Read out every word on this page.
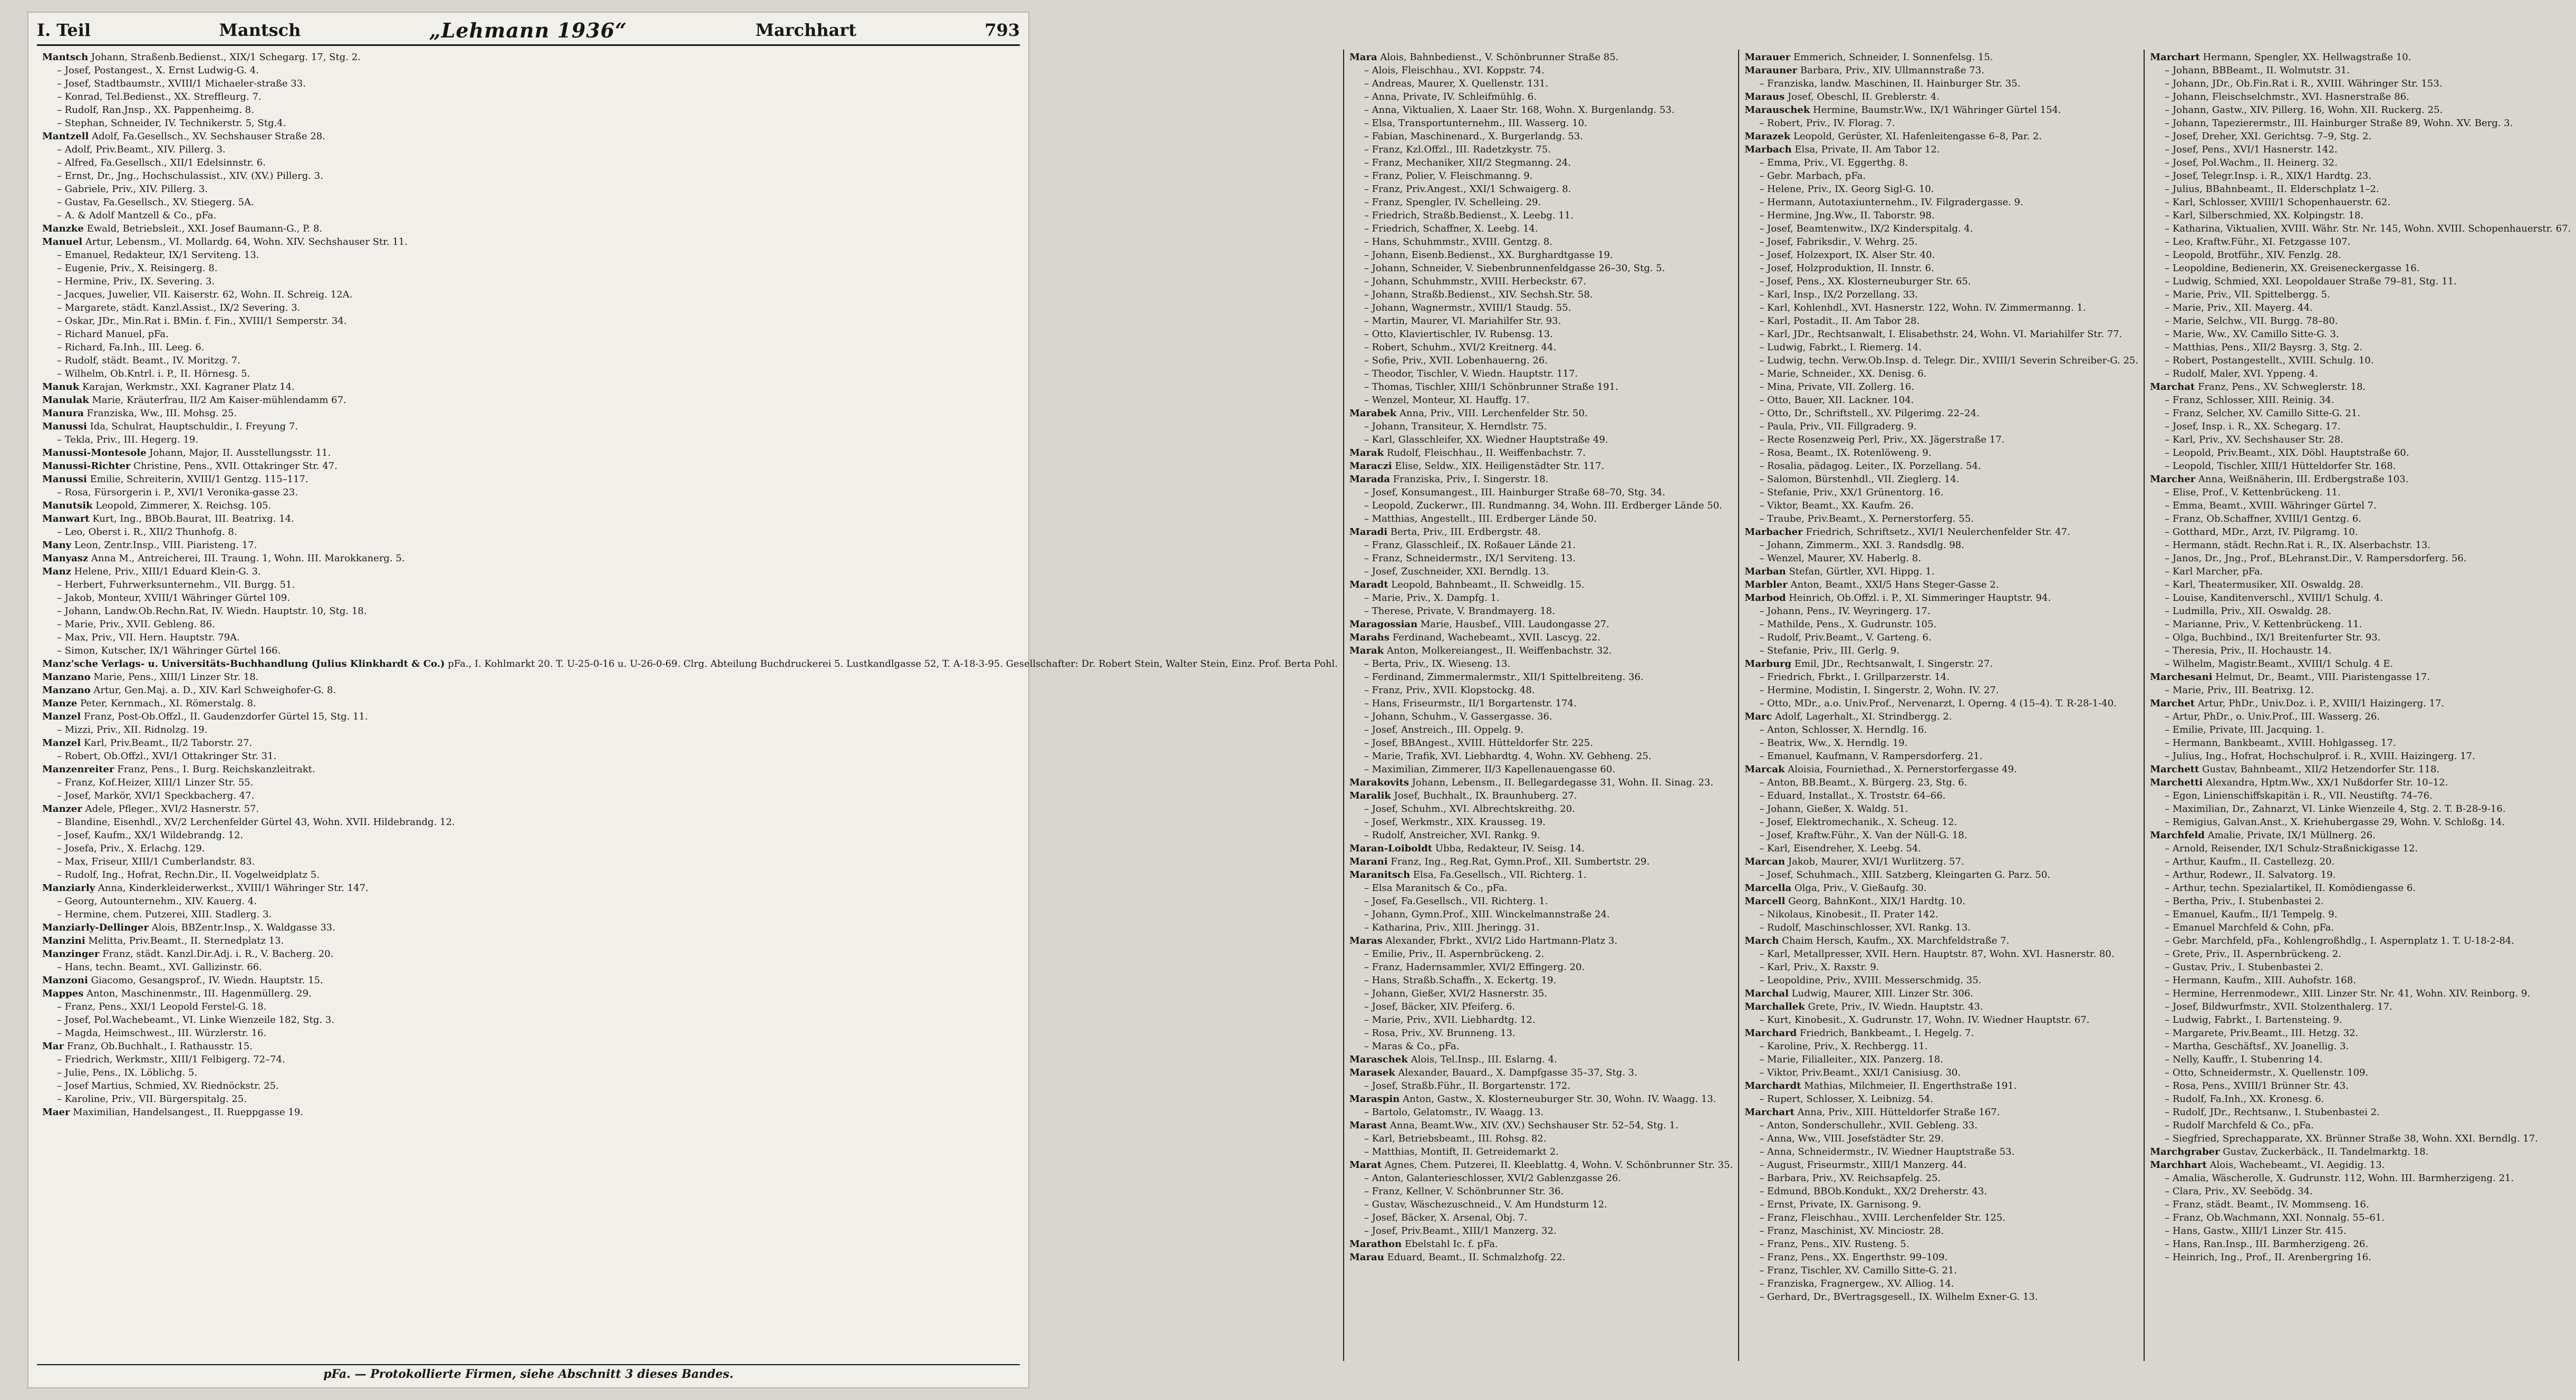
I. Teil	Mantsch	„Lehmann 1936“	Marchhart	793
Mantsch Johann, Straßenb.Bedienst., XIX/1 Schegarg. 17, Stg. 2.
– Josef, Postangest., X. Ernst Ludwig-G. 4.
– Josef, Stadtbaumstr., XVIII/1 Michaeler-straße 33.
– Konrad, Tel.Bedienst., XX. Streffleurg. 7.
– Rudolf, Ran.Jnsp., XX. Pappenheimg. 8.
– Stephan, Schneider, IV. Technikerstr. 5, Stg.4.
Mantzell Adolf, Fa.Gesellsch., XV. Sechshauser Straße 28.
– Adolf, Priv.Beamt., XIV. Pillerg. 3.
– Alfred, Fa.Gesellsch., XII/1 Edelsinnstr. 6.
– Ernst, Dr., Jng., Hochschulassist., XIV. (XV.) Pillerg. 3.
– Gabriele, Priv., XIV. Pillerg. 3.
– Gustav, Fa.Gesellsch., XV. Stiegerg. 5A.
– A. & Adolf Mantzell & Co., pFa.
Manzke Ewald, Betriebsleit., XXI. Josef Baumann-G., P. 8.
Manuel Artur, Lebensm., VI. Mollardg. 64, Wohn. XIV. Sechshauser Str. 11.
– Emanuel, Redakteur, IX/1 Serviteng. 13.
– Eugenie, Priv., X. Reisingerg. 8.
– Hermine, Priv., IX. Severing. 3.
– Jacques, Juwelier, VII. Kaiserstr. 62, Wohn. II. Schreig. 12A.
– Margarete, städt. Kanzl.Assist., IX/2 Severing. 3.
– Oskar, JDr., Min.Rat i. BMin. f. Fin., XVIII/1 Semperstr. 34.
– Richard Manuel, pFa.
– Richard, Fa.Inh., III. Leeg. 6.
– Rudolf, städt. Beamt., IV. Moritzg. 7.
– Wilhelm, Ob.Kntrl. i. P., II. Hörnesg. 5.
Manuk Karajan, Werkmstr., XXI. Kagraner Platz 14.
Manulak Marie, Kräuterfrau, II/2 Am Kaiser-mühlendamm 67.
Manura Franziska, Ww., III. Mohsg. 25.
Manussi Ida, Schulrat, Hauptschuldir., I. Freyung 7.
– Tekla, Priv., III. Hegerg. 19.
Manussi-Montesole Johann, Major, II. Ausstellungsstr. 11.
Manussi-Richter Christine, Pens., XVII. Ottakringer Str. 47.
Manussi Emilie, Schreiterin, XVIII/1 Gentzg. 115–117.
– Rosa, Fürsorgerin i. P., XVI/1 Veronika-gasse 23.
Manutsik Leopold, Zimmerer, X. Reichsg. 105.
Manwart Kurt, Ing., BBOb.Baurat, III. Beatrixg. 14.
– Leo, Oberst i. R., XII/2 Thunhofg. 8.
Many Leon, Zentr.Insp., VIII. Piaristeng. 17.
Manyasz Anna M., Antreicherei, III. Traung. 1, Wohn. III. Marokkanerg. 5.
Manz Helene, Priv., XIII/1 Eduard Klein-G. 3.
– Herbert, Fuhrwerksunternehm., VII. Burgg. 51.
– Jakob, Monteur, XVIII/1 Währinger Gürtel 109.
– Johann, Landw.Ob.Rechn.Rat, IV. Wiedn. Hauptstr. 10, Stg. 18.
– Marie, Priv., XVII. Gebleng. 86.
– Max, Priv., VII. Hern. Hauptstr. 79A.
– Simon, Kutscher, IX/1 Währinger Gürtel 166.
Manz'sche Verlags- u. Universitäts-Buchhandlung (Julius Klinkhardt & Co.) pFa., I. Kohlmarkt 20. T. U-25-0-16 u. U-26-0-69. Clrg. Abteilung Buchdruckerei 5. Lustkandlgasse 52, T. A-18-3-95. Gesellschafter: Dr. Robert Stein, Walter Stein, Einz. Prof. Berta Pohl.
Manzano Marie, Pens., XIII/1 Linzer Str. 18.
Manzano Artur, Gen.Maj. a. D., XIV. Karl Schweighofer-G. 8.
Manze Peter, Kernmach., XI. Römerstalg. 8.
Manzel Franz, Post-Ob.Offzl., II. Gaudenzdorfer Gürtel 15, Stg. 11.
– Mizzi, Priv., XII. Ridnolzg. 19.
Manzel Karl, Priv.Beamt., II/2 Taborstr. 27.
– Robert, Ob.Offzl., XVI/1 Ottakringer Str. 31.
Manzenreiter Franz, Pens., I. Burg. Reichskanzleitrakt.
– Franz, Kof.Heizer, XIII/1 Linzer Str. 55.
– Josef, Markör, XVI/1 Speckbacherg. 47.
Manzer Adele, Pfleger., XVI/2 Hasnerstr. 57.
– Blandine, Eisenhdl., XV/2 Lerchenfelder Gürtel 43, Wohn. XVII. Hildebrandg. 12.
– Josef, Kaufm., XX/1 Wildebrandg. 12.
– Josefa, Priv., X. Erlachg. 129.
– Max, Friseur, XIII/1 Cumberlandstr. 83.
– Rudolf, Ing., Hofrat, Rechn.Dir., II. Vogelweidplatz 5.
Manziarly Anna, Kinderkleiderwerkst., XVIII/1 Währinger Str. 147.
– Georg, Autounternehm., XIV. Kauerg. 4.
– Hermine, chem. Putzerei, XIII. Stadlerg. 3.
Manziarly-Dellinger Alois, BBZentr.Insp., X. Waldgasse 33.
Manzini Melitta, Priv.Beamt., II. Sternedplatz 13.
Manzinger Franz, städt. Kanzl.Dir.Adj. i. R., V. Bacherg. 20.
– Hans, techn. Beamt., XVI. Gallizinstr. 66.
Manzoni Giacomo, Gesangsprof., IV. Wiedn. Hauptstr. 15.
Mappes Anton, Maschinenmstr., III. Hagenmüllerg. 29.
– Franz, Pens., XXI/1 Leopold Ferstel-G. 18.
– Josef, Pol.Wachebeamt., VI. Linke Wienzeile 182, Stg. 3.
– Magda, Heimschwest., III. Würzlerstr. 16.
Mar Franz, Ob.Buchhalt., I. Rathausstr. 15.
– Friedrich, Werkmstr., XIII/1 Felbigerg. 72–74.
– Julie, Pens., IX. Löblichg. 5.
– Josef Martius, Schmied, XV. Riednöckstr. 25.
– Karoline, Priv., VII. Bürgerspitalg. 25.
Maer Maximilian, Handelsangest., II. Rueppgasse 19.
Mara Alois, Bahnbedienst., V. Schönbrunner Straße 85.
– Alois, Fleischhau., XVI. Koppstr. 74.
– Andreas, Maurer, X. Quellenstr. 131.
– Anna, Private, IV. Schleifmühlg. 6.
– Anna, Viktualien, X. Laaer Str. 168, Wohn. X. Burgenlandg. 53.
– Elsa, Transportunternehm., III. Wasserg. 10.
– Fabian, Maschinenard., X. Burgerlandg. 53.
– Franz, Kzl.Offzl., III. Radetzkystr. 75.
– Franz, Mechaniker, XII/2 Stegmanng. 24.
– Franz, Polier, V. Fleischmanng. 9.
– Franz, Priv.Angest., XXI/1 Schwaigerg. 8.
– Franz, Spengler, IV. Schelleing. 29.
– Friedrich, Straßb.Bedienst., X. Leebg. 11.
– Friedrich, Schaffner, X. Leebg. 14.
– Hans, Schuhmmstr., XVIII. Gentzg. 8.
– Johann, Eisenb.Bedienst., XX. Burghardtgasse 19.
– Johann, Schneider, V. Siebenbrunnenfeldgasse 26–30, Stg. 5.
– Johann, Schuhmmstr., XVIII. Herbeckstr. 67.
– Johann, Straßb.Bedienst., XIV. Sechsh.Str. 58.
– Johann, Wagnermstr., XVIII/1 Staudg. 55.
– Martin, Maurer, VI. Mariahilfer Str. 93.
– Otto, Klaviertischler, IV. Rubensg. 13.
– Robert, Schuhm., XVI/2 Kreitnerg. 44.
– Sofie, Priv., XVII. Lobenhauerng. 26.
– Theodor, Tischler, V. Wiedn. Hauptstr. 117.
– Thomas, Tischler, XIII/1 Schönbrunner Straße 191.
– Wenzel, Monteur, XI. Hauffg. 17.
Marabek Anna, Priv., VIII. Lerchenfelder Str. 50.
– Johann, Transiteur, X. Herndlstr. 75.
– Karl, Glasschleifer, XX. Wiedner Hauptstraße 49.
Marak Rudolf, Fleischhau., II. Weiffenbachstr. 7.
Maraczi Elise, Seldw., XIX. Heiligenstädter Str. 117.
Marada Franziska, Priv., I. Singerstr. 18.
– Josef, Konsumangest., III. Hainburger Straße 68–70, Stg. 34.
– Leopold, Zuckerwr., III. Rundmanng. 34, Wohn. III. Erdberger Lände 50.
– Matthias, Angestellt., III. Erdberger Lände 50.
Maradi Berta, Priv., III. Erdbergstr. 48.
– Franz, Glasschleif., IX. Roßauer Lände 21.
– Franz, Schneidermstr., IX/1 Serviteng. 13.
– Josef, Zuschneider, XXI. Berndlg. 13.
Maradt Leopold, Bahnbeamt., II. Schweidlg. 15.
– Marie, Priv., X. Dampfg. 1.
– Therese, Private, V. Brandmayerg. 18.
Maragossian Marie, Hausbef., VIII. Laudongasse 27.
Marahs Ferdinand, Wachebeamt., XVII. Lascyg. 22.
Marak Anton, Molkereiangest., II. Weiffenbachstr. 32.
– Berta, Priv., IX. Wieseng. 13.
– Ferdinand, Zimmermalermstr., XII/1 Spittelbreiteng. 36.
– Franz, Priv., XVII. Klopstockg. 48.
– Hans, Friseurmstr., II/1 Borgartenstr. 174.
– Johann, Schuhm., V. Gassergasse. 36.
– Josef, Anstreich., III. Oppelg. 9.
– Josef, BBAngest., XVIII. Hütteldorfer Str. 225.
– Marie, Trafik, XVI. Liebhardtg. 4, Wohn. XV. Gebheng. 25.
– Maximilian, Zimmerer, II/3 Kapellenauengasse 60.
Marakovits Johann, Lebensm., II. Bellegardegasse 31, Wohn. II. Sinag. 23.
Maralik Josef, Buchhalt., IX. Braunhuberg. 27.
– Josef, Schuhm., XVI. Albrechtskreithg. 20.
– Josef, Werkmstr., XIX. Krausseg. 19.
– Rudolf, Anstreicher, XVI. Rankg. 9.
Maran-Loiboldt Ubba, Redakteur, IV. Seisg. 14.
Marani Franz, Ing., Reg.Rat, Gymn.Prof., XII. Sumbertstr. 29.
Maranitsch Elsa, Fa.Gesellsch., VII. Richterg. 1.
– Elsa Maranitsch & Co., pFa.
– Josef, Fa.Gesellsch., VII. Richterg. 1.
– Johann, Gymn.Prof., XIII. Winckelmannstraße 24.
– Katharina, Priv., XIII. Jheringg. 31.
Maras Alexander, Fbrkt., XVI/2 Lido Hartmann-Platz 3.
– Emilie, Priv., II. Aspernbrückeng. 2.
– Franz, Hadernsammler, XVI/2 Effingerg. 20.
– Hans, Straßb.Schaffn., X. Eckertg. 19.
– Johann, Gießer, XVI/2 Hasnerstr. 35.
– Josef, Bäcker, XIV. Pfeiferg. 6.
– Marie, Priv., XVII. Liebhardtg. 12.
– Rosa, Priv., XV. Brunneng. 13.
– Maras & Co., pFa.
Maraschek Alois, Tel.Insp., III. Eslarng. 4.
Marasek Alexander, Bauard., X. Dampfgasse 35–37, Stg. 3.
– Josef, Straßb.Führ., II. Borgartenstr. 172.
Maraspin Anton, Gastw., X. Klosterneuburger Str. 30, Wohn. IV. Waagg. 13.
– Bartolo, Gelatomstr., IV. Waagg. 13.
Marast Anna, Beamt.Ww., XIV. (XV.) Sechshauser Str. 52–54, Stg. 1.
– Karl, Betriebsbeamt., III. Rohsg. 82.
– Matthias, Montift, II. Getreidemarkt 2.
Marat Agnes, Chem. Putzerei, II. Kleeblattg. 4, Wohn. V. Schönbrunner Str. 35.
– Anton, Galanterieschlosser, XVI/2 Gablenzgasse 26.
– Franz, Kellner, V. Schönbrunner Str. 36.
– Gustav, Wäschezuschneid., V. Am Hundsturm 12.
– Josef, Bäcker, X. Arsenal, Obj. 7.
– Josef, Priv.Beamt., XIII/1 Manzerg. 32.
Marathon Ebelstahl Ic. f. pFa.
Marau Eduard, Beamt., II. Schmalzhofg. 22.
Marauer Emmerich, Schneider, I. Sonnenfelsg. 15.
Marauner Barbara, Priv., XIV. Ullmannstraße 73.
– Franziska, landw. Maschinen, II. Hainburger Str. 35.
Maraus Josef, Obeschl, II. Greblerstr. 4.
Marauschek Hermine, Baumstr.Ww., IX/1 Währinger Gürtel 154.
– Robert, Priv., IV. Florag. 7.
Marazek Leopold, Gerüster, XI. Hafenleitengasse 6–8, Par. 2.
Marbach Elsa, Private, II. Am Tabor 12.
– Emma, Priv., VI. Eggerthg. 8.
– Gebr. Marbach, pFa.
– Helene, Priv., IX. Georg Sigl-G. 10.
– Hermann, Autotaxiunternehm., IV. Filgradergasse. 9.
– Hermine, Jng.Ww., II. Taborstr. 98.
– Josef, Beamtenwitw., IX/2 Kinderspitalg. 4.
– Josef, Fabriksdir., V. Wehrg. 25.
– Josef, Holzexport, IX. Alser Str. 40.
– Josef, Holzproduktion, II. Innstr. 6.
– Josef, Pens., XX. Klosterneuburger Str. 65.
– Karl, Insp., IX/2 Porzellang. 33.
– Karl, Kohlenhdl., XVI. Hasnerstr. 122, Wohn. IV. Zimmermanng. 1.
– Karl, Postadit., II. Am Tabor 28.
– Karl, JDr., Rechtsanwalt, I. Elisabethstr. 24, Wohn. VI. Mariahilfer Str. 77.
– Ludwig, Fabrkt., I. Riemerg. 14.
– Ludwig, techn. Verw.Ob.Insp. d. Telegr. Dir., XVIII/1 Severin Schreiber-G. 25.
– Marie, Schneider., XX. Denisg. 6.
– Mina, Private, VII. Zollerg. 16.
– Otto, Bauer, XII. Lackner. 104.
– Otto, Dr., Schriftstell., XV. Pilgerimg. 22–24.
– Paula, Priv., VII. Fillgraderg. 9.
– Recte Rosenzweig Perl, Priv., XX. Jägerstraße 17.
– Rosa, Beamt., IX. Rotenlöweng. 9.
– Rosalia, pädagog. Leiter., IX. Porzellang. 54.
– Salomon, Bürstenhdl., VII. Zieglerg. 14.
– Stefanie, Priv., XX/1 Grünentorg. 16.
– Viktor, Beamt., XX. Kaufm. 26.
– Traube, Priv.Beamt., X. Pernerstorferg. 55.
Marbacher Friedrich, Schriftsetz., XVI/1 Neulerchenfelder Str. 47.
– Johann, Zimmerm., XXI. 3. Randsdlg. 98.
– Wenzel, Maurer, XV. Haberlg. 8.
Marban Stefan, Gürtler, XVI. Hippg. 1.
Marbler Anton, Beamt., XXI/5 Hans Steger-Gasse 2.
Marbod Heinrich, Ob.Offzl. i. P., XI. Simmeringer Hauptstr. 94.
– Johann, Pens., IV. Weyringerg. 17.
– Mathilde, Pens., X. Gudrunstr. 105.
– Rudolf, Priv.Beamt., V. Garteng. 6.
– Stefanie, Priv., III. Gerlg. 9.
Marburg Emil, JDr., Rechtsanwalt, I. Singerstr. 27.
– Friedrich, Fbrkt., I. Grillparzerstr. 14.
– Hermine, Modistin, I. Singerstr. 2, Wohn. IV. 27.
– Otto, MDr., a.o. Univ.Prof., Nervenarzt, I. Operng. 4 (15–4). T. R-28-1-40.
Marc Adolf, Lagerhalt., XI. Strindbergg. 2.
– Anton, Schlosser, X. Herndlg. 16.
– Beatrix, Ww., X. Herndlg. 19.
– Emanuel, Kaufmann, V. Rampersdorferg. 21.
Marcak Aloisia, Fourniethad., X. Pernerstorfergasse 49.
– Anton, BB.Beamt., X. Bürgerg. 23, Stg. 6.
– Eduard, Installat., X. Troststr. 64–66.
– Johann, Gießer, X. Waldg. 51.
– Josef, Elektromechanik., X. Scheug. 12.
– Josef, Kraftw.Führ., X. Van der Nüll-G. 18.
– Karl, Eisendreher, X. Leebg. 54.
Marcan Jakob, Maurer, XVI/1 Wurlitzerg. 57.
– Josef, Schuhmach., XIII. Satzberg, Kleingarten G. Parz. 50.
Marcella Olga, Priv., V. Gießaufg. 30.
Marcell Georg, BahnKont., XIX/1 Hardtg. 10.
– Nikolaus, Kinobesit., II. Prater 142.
– Rudolf, Maschinschlosser, XVI. Rankg. 13.
March Chaim Hersch, Kaufm., XX. Marchfeldstraße 7.
– Karl, Metallpresser, XVII. Hern. Hauptstr. 87, Wohn. XVI. Hasnerstr. 80.
– Karl, Priv., X. Raxstr. 9.
– Leopoldine, Priv., XVIII. Messerschmidg. 35.
Marchal Ludwig, Maurer, XIII. Linzer Str. 306.
Marchallek Grete, Priv., IV. Wiedn. Hauptstr. 43.
– Kurt, Kinobesit., X. Gudrunstr. 17, Wohn. IV. Wiedner Hauptstr. 67.
Marchard Friedrich, Bankbeamt., I. Hegelg. 7.
– Karoline, Priv., X. Rechbergg. 11.
– Marie, Filialleiter., XIX. Panzerg. 18.
– Viktor, Priv.Beamt., XXI/1 Canisiusg. 30.
Marchardt Mathias, Milchmeier, II. Engerthstraße 191.
– Rupert, Schlosser, X. Leibnizg. 54.
Marchart Anna, Priv., XIII. Hütteldorfer Straße 167.
– Anton, Sonderschullehr., XVII. Gebleng. 33.
– Anna, Ww., VIII. Josefstädter Str. 29.
– Anna, Schneidermstr., IV. Wiedner Hauptstraße 53.
– August, Friseurmstr., XIII/1 Manzerg. 44.
– Barbara, Priv., XV. Reichsapfelg. 25.
– Edmund, BBOb.Kondukt., XX/2 Dreherstr. 43.
– Ernst, Private, IX. Garnisong. 9.
– Franz, Fleischhau., XVIII. Lerchenfelder Str. 125.
– Franz, Maschinist, XV. Minciostr. 28.
– Franz, Pens., XIV. Rusteng. 5.
– Franz, Pens., XX. Engerthstr. 99–109.
– Franz, Tischler, XV. Camillo Sitte-G. 21.
– Franziska, Fragnergew., XV. Alliog. 14.
– Gerhard, Dr., BVertragsgesell., IX. Wilhelm Exner-G. 13.
Marchart Hermann, Spengler, XX. Hellwagstraße 10.
– Johann, BBBeamt., II. Wolmutstr. 31.
– Johann, JDr., Ob.Fin.Rat i. R., XVIII. Währinger Str. 153.
– Johann, Fleischselchmstr., XVI. Hasnerstraße 86.
– Johann, Gastw., XIV. Pillerg. 16, Wohn. XII. Ruckerg. 25.
– Johann, Tapezierermstr., III. Hainburger Straße 89, Wohn. XV. Berg. 3.
– Josef, Dreher, XXI. Gerichtsg. 7–9, Stg. 2.
– Josef, Pens., XVI/1 Hasnerstr. 142.
– Josef, Pol.Wachm., II. Heinerg. 32.
– Josef, Telegr.Insp. i. R., XIX/1 Hardtg. 23.
– Julius, BBahnbeamt., II. Elderschplatz 1–2.
– Karl, Schlosser, XVIII/1 Schopenhauerstr. 62.
– Karl, Silberschmied, XX. Kolpingstr. 18.
– Katharina, Viktualien, XVIII. Währ. Str. Nr. 145, Wohn. XVIII. Schopenhauerstr. 67.
– Leo, Kraftw.Führ., XI. Fetzgasse 107.
– Leopold, Brotführ., XIV. Fenzlg. 28.
– Leopoldine, Bedienerin, XX. Greiseneckergasse 16.
– Ludwig, Schmied, XXI. Leopoldauer Straße 79–81, Stg. 11.
– Marie, Priv., VII. Spittelbergg. 5.
– Marie, Priv., XII. Mayerg. 44.
– Marie, Selchw., VII. Burgg. 78–80.
– Marie, Ww., XV. Camillo Sitte-G. 3.
– Matthias, Pens., XII/2 Baysrg. 3, Stg. 2.
– Robert, Postangestellt., XVIII. Schulg. 10.
– Rudolf, Maler, XVI. Yppeng. 4.
Marchat Franz, Pens., XV. Schweglerstr. 18.
– Franz, Schlosser, XIII. Reinig. 34.
– Franz, Selcher, XV. Camillo Sitte-G. 21.
– Josef, Insp. i. R., XX. Schegarg. 17.
– Karl, Priv., XV. Sechshauser Str. 28.
– Leopold, Priv.Beamt., XIX. Döbl. Hauptstraße 60.
– Leopold, Tischler, XIII/1 Hütteldorfer Str. 168.
Marcher Anna, Weißnäherin, III. Erdbergstraße 103.
– Elise, Prof., V. Kettenbrückeng. 11.
– Emma, Beamt., XVIII. Währinger Gürtel 7.
– Franz, Ob.Schaffner, XVIII/1 Gentzg. 6.
– Gotthard, MDr., Arzt, IV. Pilgramg. 10.
– Hermann, städt. Rechn.Rat i. R., IX. Alserbachstr. 13.
– Janos, Dr., Jng., Prof., BLehranst.Dir., V. Rampersdorferg. 56.
– Karl Marcher, pFa.
– Karl, Theatermusiker, XII. Oswaldg. 28.
– Louise, Kanditenverschl., XVIII/1 Schulg. 4.
– Ludmilla, Priv., XII. Oswaldg. 28.
– Marianne, Priv., V. Kettenbrückeng. 11.
– Olga, Buchbind., IX/1 Breitenfurter Str. 93.
– Theresia, Priv., II. Hochaustr. 14.
– Wilhelm, Magistr.Beamt., XVIII/1 Schulg. 4 E.
Marchesani Helmut, Dr., Beamt., VIII. Piaristengasse 17.
– Marie, Priv., III. Beatrixg. 12.
Marchet Artur, PhDr., Univ.Doz. i. P., XVIII/1 Haizingerg. 17.
– Artur, PhDr., o. Univ.Prof., III. Wasserg. 26.
– Emilie, Private, III. Jacquing. 1.
– Hermann, Bankbeamt., XVIII. Hohlgasseg. 17.
– Julius, Ing., Hofrat, Hochschulprof. i. R., XVIII. Haizingerg. 17.
Marchett Gustav, Bahnbeamt., XII/2 Hetzendorfer Str. 118.
Marchetti Alexandra, Hptm.Ww., XX/1 Nußdorfer Str. 10–12.
– Egon, Linienschiffskapitän i. R., VII. Neustiftg. 74–76.
– Maximilian, Dr., Zahnarzt, VI. Linke Wienzeile 4, Stg. 2. T. B-28-9-16.
– Remigius, Galvan.Anst., X. Kriehubergasse 29, Wohn. V. Schloßg. 14.
Marchfeld Amalie, Private, IX/1 Müllnerg. 26.
– Arnold, Reisender, IX/1 Schulz-Straßnickigasse 12.
– Arthur, Kaufm., II. Castellezg. 20.
– Arthur, Rodewr., II. Salvatorg. 19.
– Arthur, techn. Spezialartikel, II. Komödiengasse 6.
– Bertha, Priv., I. Stubenbastei 2.
– Emanuel, Kaufm., II/1 Tempelg. 9.
– Emanuel Marchfeld & Cohn, pFa.
– Gebr. Marchfeld, pFa., Kohlengroßhdlg., I. Aspernplatz 1. T. U-18-2-84.
– Grete, Priv., II. Aspernbrückeng. 2.
– Gustav, Priv., I. Stubenbastei 2.
– Hermann, Kaufm., XIII. Auhofstr. 168.
– Hermine, Herrenmodewr., XIII. Linzer Str. Nr. 41, Wohn. XIV. Reinborg. 9.
– Josef, Bildwurfmstr., XVII. Stolzenthalerg. 17.
– Ludwig, Fabrkt., I. Bartensteing. 9.
– Margarete, Priv.Beamt., III. Hetzg. 32.
– Martha, Geschäftsf., XV. Joanellig. 3.
– Nelly, Kauffr., I. Stubenring 14.
– Otto, Schneidermstr., X. Quellenstr. 109.
– Rosa, Pens., XVIII/1 Brünner Str. 43.
– Rudolf, Fa.Inh., XX. Kronesg. 6.
– Rudolf, JDr., Rechtsanw., I. Stubenbastei 2.
– Rudolf Marchfeld & Co., pFa.
– Siegfried, Sprechapparate, XX. Brünner Straße 38, Wohn. XXI. Berndlg. 17.
Marchgraber Gustav, Zuckerbäck., II. Tandelmarktg. 18.
Marchhart Alois, Wachebeamt., VI. Aegidig. 13.
– Amalia, Wäscherolle, X. Gudrunstr. 112, Wohn. III. Barmherzigeng. 21.
– Clara, Priv., XV. Seebödg. 34.
– Franz, städt. Beamt., IV. Mommseng. 16.
– Franz, Ob.Wachmann, XXI. Nonnalg. 55–61.
– Hans, Gastw., XIII/1 Linzer Str. 415.
– Hans, Ran.Insp., III. Barmherzigeng. 26.
– Heinrich, Ing., Prof., II. Arenbergring 16.
pFa. — Protokollierte Firmen, siehe Abschnitt 3 dieses Bandes.
